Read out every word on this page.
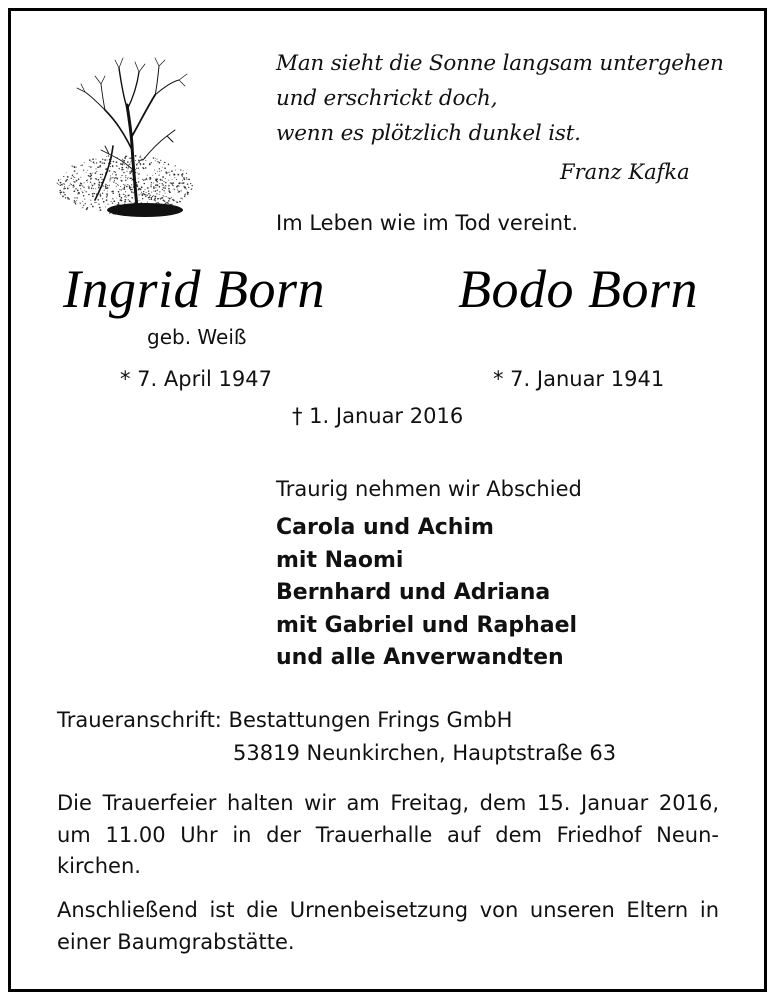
Man sieht die Sonne langsam untergehen
und erschrickt doch,
wenn es plötzlich dunkel ist.
Franz Kafka
Im Leben wie im Tod vereint.
Ingrid Born Bodo Born
geb. Weiß
* 7. April 1947	* 7. Januar 1941
† 1. Januar 2016
Traurig nehmen wir Abschied
Carola und Achim
mit Naomi
Bernhard und Adriana
mit Gabriel und Raphael
und alle Anverwandten
Traueranschrift: Bestattungen Frings GmbH
53819 Neunkirchen, Hauptstraße 63
Die Trauerfeier halten wir am Freitag, dem 15. Januar 2016,
um 11.00 Uhr in der Trauerhalle auf dem Friedhof Neun-
kirchen.
Anschließend ist die Urnenbeisetzung von unseren Eltern in
einer Baumgrabstätte.
